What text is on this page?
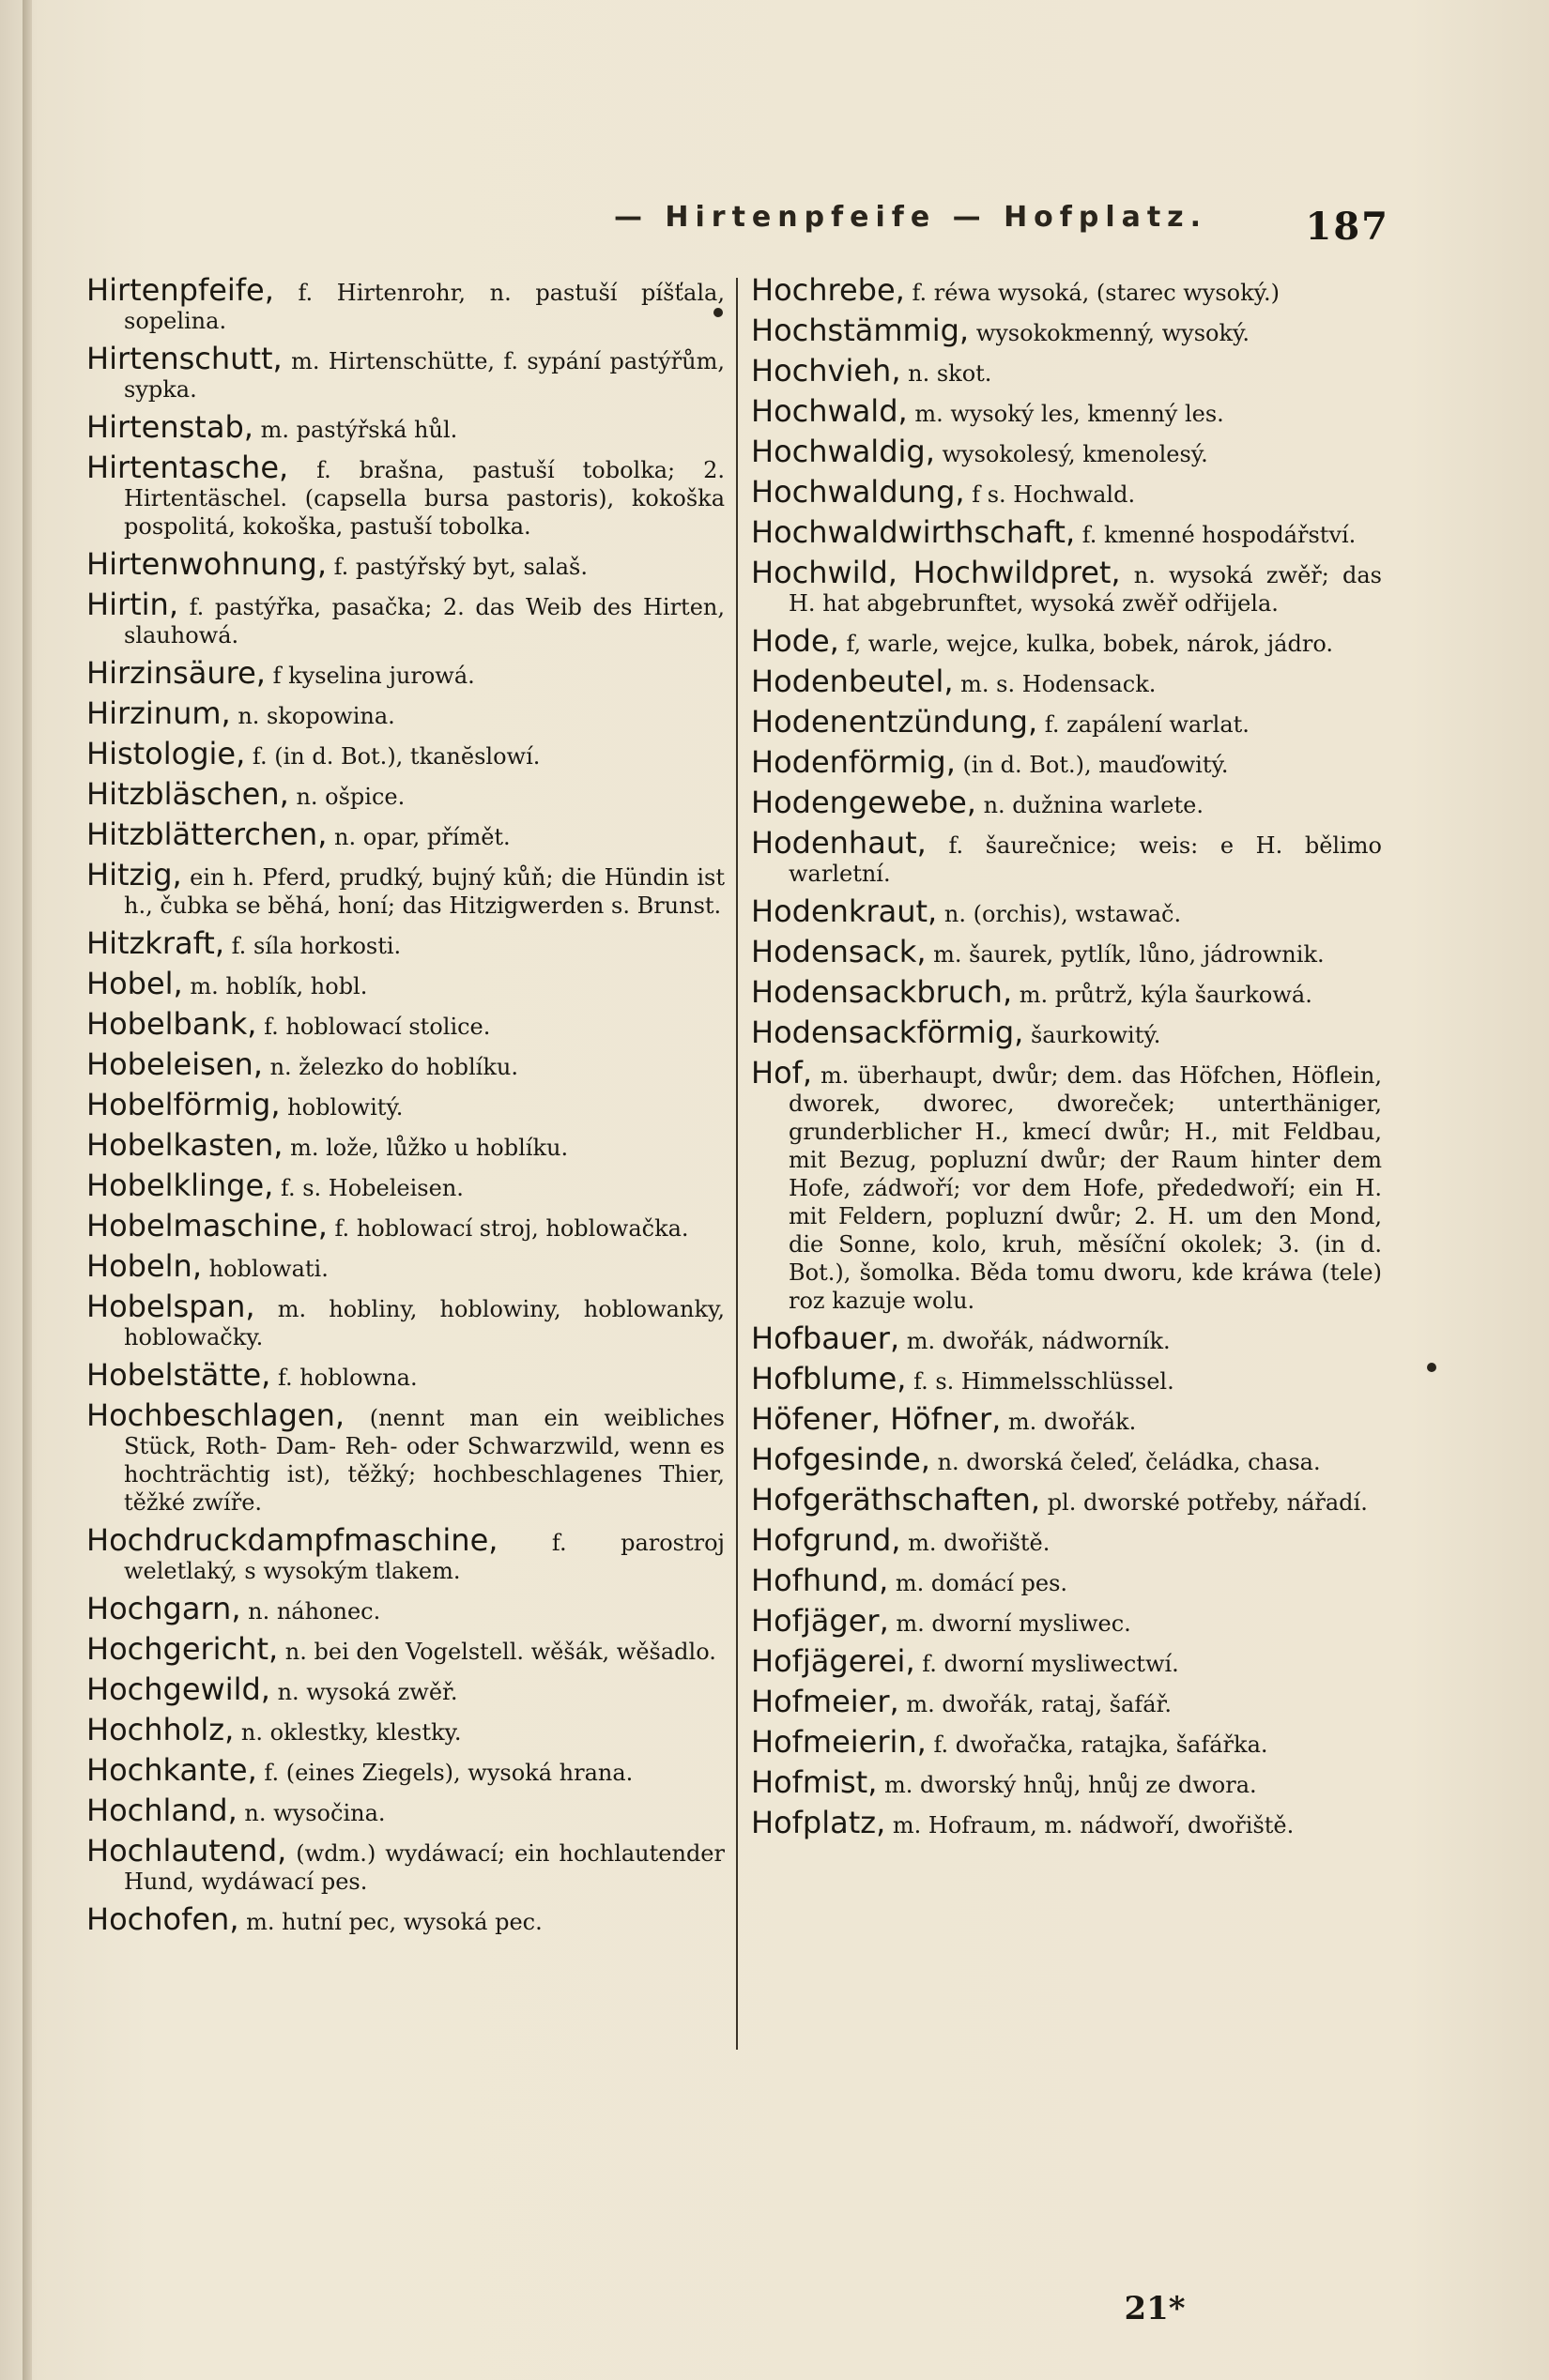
— Hirtenpfeife — Hofplatz.	187
Hirtenpfeife, f. Hirtenrohr, n. pastuší píšťala, sopelina.
Hirtenschutt, m. Hirtenschütte, f. sypání pastýřům, sypka.
Hirtenstab, m. pastýřská hůl.
Hirtentasche, f. brašna, pastuší tobolka; 2. Hirtentäschel. (capsella bursa pastoris), kokoška pospolitá, kokoška, pastuší tobolka.
Hirtenwohnung, f. pastýřský byt, salaš.
Hirtin, f. pastýřka, pasačka; 2. das Weib des Hirten, slauhowá.
Hirzinsäure, f kyselina jurowá.
Hirzinum, n. skopowina.
Histologie, f. (in d. Bot.), tkanĕslowí.
Hitzbläschen, n. ošpice.
Hitzblätterchen, n. opar, přímět.
Hitzig, ein h. Pferd, prudký, bujný kůň; die Hündin ist h., čubka se běhá, honí; das Hitzigwerden s. Brunst.
Hitzkraft, f. síla horkosti.
Hobel, m. hoblík, hobl.
Hobelbank, f. hoblowací stolice.
Hobeleisen, n. železko do hoblíku.
Hobelförmig, hoblowitý.
Hobelkasten, m. lože, lůžko u hoblíku.
Hobelklinge, f. s. Hobeleisen.
Hobelmaschine, f. hoblowací stroj, hoblowačka.
Hobeln, hoblowati.
Hobelspan, m. hobliny, hoblowiny, hoblowanky, hoblowačky.
Hobelstätte, f. hoblowna.
Hochbeschlagen, (nennt man ein weibliches Stück, Roth- Dam- Reh- oder Schwarzwild, wenn es hochträchtig ist), těžký; hochbeschlagenes Thier, těžké zwíře.
Hochdruckdampfmaschine, f. parostroj weletlaký, s wysokým tlakem.
Hochgarn, n. náhonec.
Hochgericht, n. bei den Vogelstell. wěšák, wěšadlo.
Hochgewild, n. wysoká zwěř.
Hochholz, n. oklestky, klestky.
Hochkante, f. (eines Ziegels), wysoká hrana.
Hochland, n. wysočina.
Hochlautend, (wdm.) wydáwací; ein hochlautender Hund, wydáwací pes.
Hochofen, m. hutní pec, wysoká pec.
Hochrebe, f. réwa wysoká, (starec wysoký.)
Hochstämmig, wysokokmenný, wysoký.
Hochvieh, n. skot.
Hochwald, m. wysoký les, kmenný les.
Hochwaldig, wysokolesý, kmenolesý.
Hochwaldung, f s. Hochwald.
Hochwaldwirthschaft, f. kmenné hospodářství.
Hochwild, Hochwildpret, n. wysoká zwěř; das H. hat abgebrunftet, wysoká zwěř odřijela.
Hode, f, warle, wejce, kulka, bobek, nárok, jádro.
Hodenbeutel, m. s. Hodensack.
Hodenentzündung, f. zapálení warlat.
Hodenförmig, (in d. Bot.), mauďowitý.
Hodengewebe, n. dužnina warlete.
Hodenhaut, f. šaurečnice; weis: e H. bělimo warletní.
Hodenkraut, n. (orchis), wstawač.
Hodensack, m. šaurek, pytlík, lůno, jádrownik.
Hodensackbruch, m. průtrž, kýla šaurkowá.
Hodensackförmig, šaurkowitý.
Hof, m. überhaupt, dwůr; dem. das Höfchen, Höflein, dworek, dworec, dworeček; unterthäniger, grunderblicher H., kmecí dwůr; H., mit Feldbau, mit Bezug, popluzní dwůr; der Raum hinter dem Hofe, zádwoří; vor dem Hofe, přededwoří; ein H. mit Feldern, popluzní dwůr; 2. H. um den Mond, die Sonne, kolo, kruh, měsíční okolek; 3. (in d. Bot.), šomolka. Běda tomu dworu, kde kráwa (tele) roz kazuje wolu.
Hofbauer, m. dwořák, nádworník.
Hofblume, f. s. Himmelsschlüssel.
Höfener, Höfner, m. dwořák.
Hofgesinde, n. dworská čeleď, čeládka, chasa.
Hofgeräthschaften, pl. dworské potřeby, nářadí.
Hofgrund, m. dwořiště.
Hofhund, m. domácí pes.
Hofjäger, m. dworní mysliwec.
Hofjägerei, f. dworní mysliwectwí.
Hofmeier, m. dwořák, rataj, šafář.
Hofmeierin, f. dwořačka, ratajka, šafářka.
Hofmist, m. dworský hnůj, hnůj ze dwora.
Hofplatz, m. Hofraum, m. nádwoří, dwořiště.
21*
